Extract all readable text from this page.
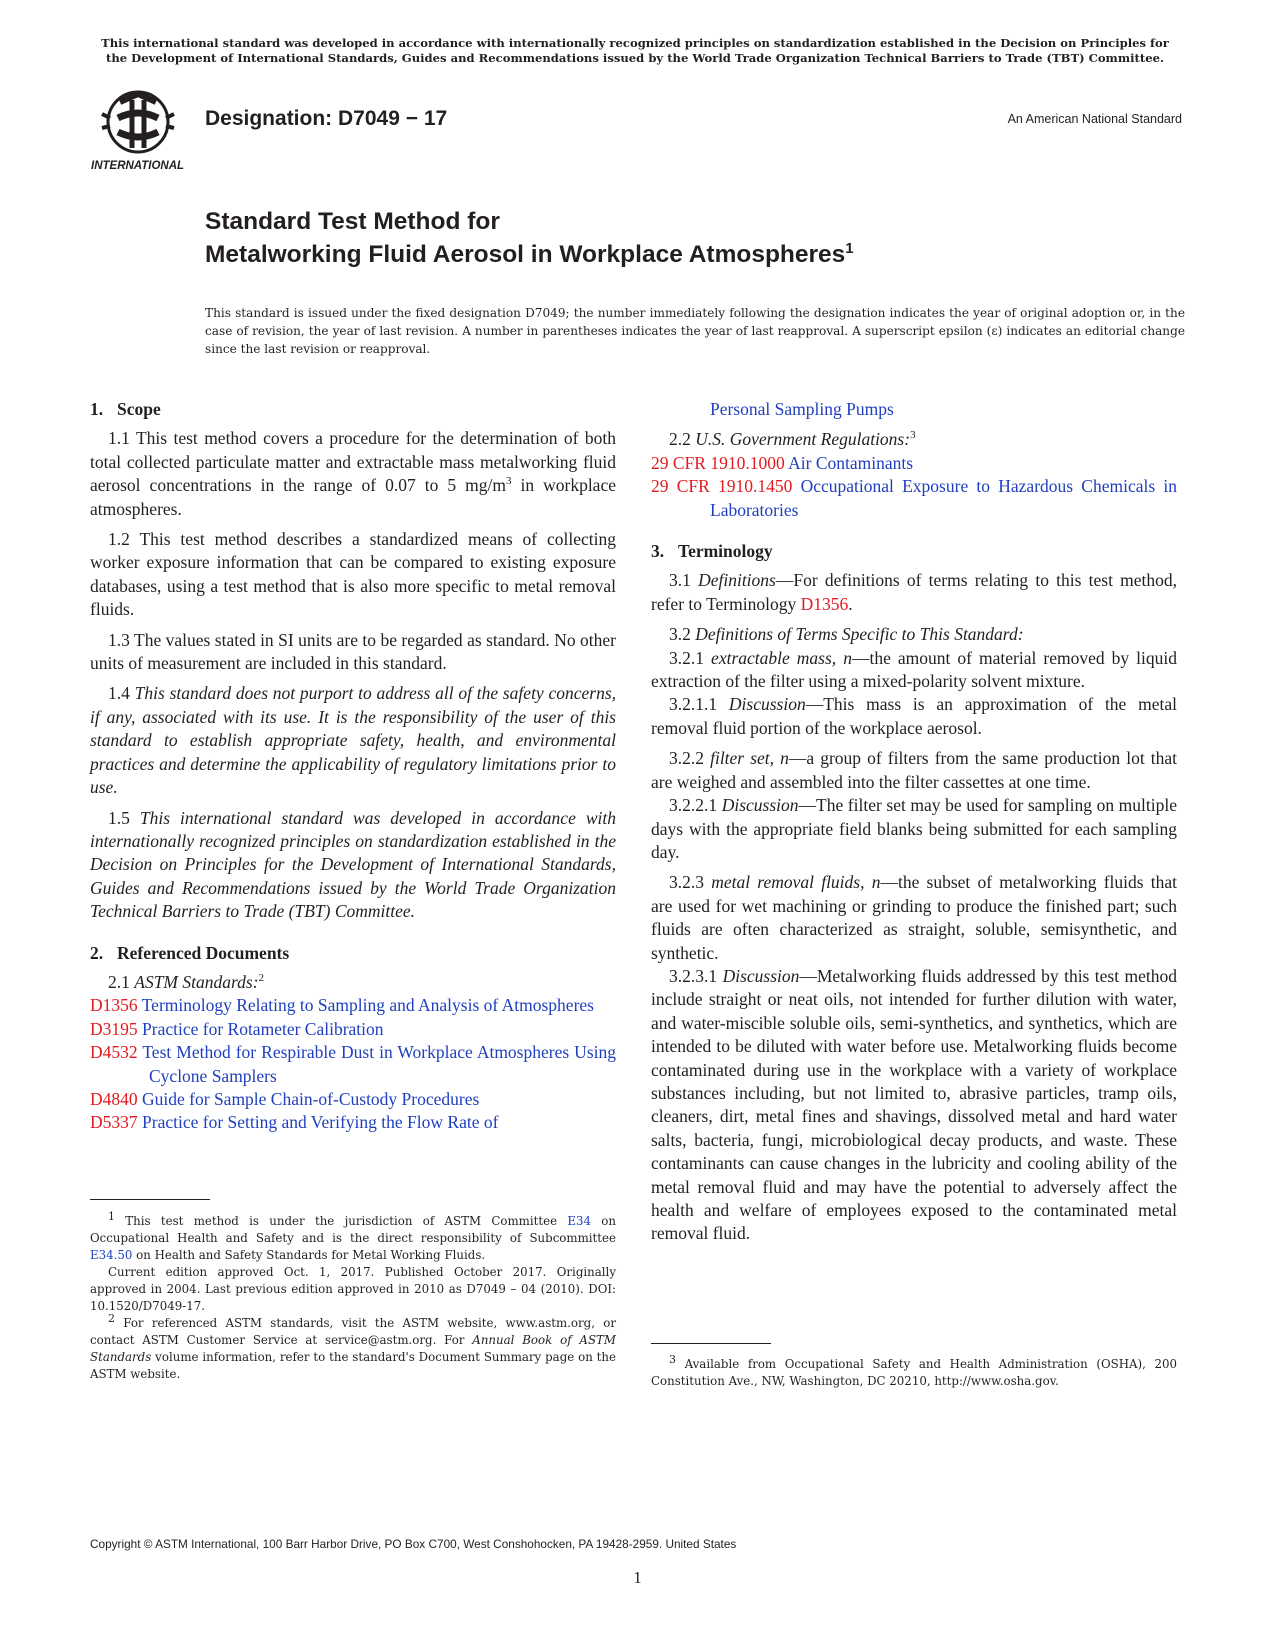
This international standard was developed in accordance with internationally recognized principles on standardization established in the Decision on Principles for the Development of International Standards, Guides and Recommendations issued by the World Trade Organization Technical Barriers to Trade (TBT) Committee.
INTERNATIONAL
Designation: D7049 − 17	An American National Standard
Standard Test Method for
Metalworking Fluid Aerosol in Workplace Atmospheres$^1$
This standard is issued under the fixed designation D7049; the number immediately following the designation indicates the year of original adoption or, in the case of revision, the year of last revision. A number in parentheses indicates the year of last reapproval. A superscript epsilon (ε) indicates an editorial change since the last revision or reapproval.
1. Scope

1.1 This test method covers a procedure for the determination of both total collected particulate matter and extractable mass metalworking fluid aerosol concentrations in the range of 0.07 to 5 $mg/m^3$ in workplace atmospheres.

1.2 This test method describes a standardized means of collecting worker exposure information that can be compared to existing exposure databases, using a test method that is also more specific to metal removal fluids.

1.3 The values stated in SI units are to be regarded as standard. No other units of measurement are included in this standard.

1.4 This standard does not purport to address all of the safety concerns, if any, associated with its use. It is the responsibility of the user of this standard to establish appropriate safety, health, and environmental practices and determine the applicability of regulatory limitations prior to use.

1.5 This international standard was developed in accordance with internationally recognized principles on standardization established in the Decision on Principles for the Development of International Standards, Guides and Recommendations issued by the World Trade Organization Technical Barriers to Trade (TBT) Committee.

2. Referenced Documents

2.1 ASTM Standards:$^2$

D1356 Terminology Relating to Sampling and Analysis of Atmospheres
D3195 Practice for Rotameter Calibration
D4532 Test Method for Respirable Dust in Workplace Atmospheres Using Cyclone Samplers
D4840 Guide for Sample Chain-of-Custody Procedures
D5337 Practice for Setting and Verifying the Flow Rate of

$^1$ This test method is under the jurisdiction of ASTM Committee E34 on Occupational Health and Safety and is the direct responsibility of Subcommittee E34.50 on Health and Safety Standards for Metal Working Fluids.

Current edition approved Oct. 1, 2017. Published October 2017. Originally approved in 2004. Last previous edition approved in 2010 as D7049 – 04 (2010). DOI: 10.1520/D7049-17.

$^2$ For referenced ASTM standards, visit the ASTM website, www.astm.org, or contact ASTM Customer Service at service@astm.org. For Annual Book of ASTM Standards volume information, refer to the standard's Document Summary page on the ASTM website.

Personal Sampling Pumps

2.2 U.S. Government Regulations:$^3$

29 CFR 1910.1000 Air Contaminants
29 CFR 1910.1450 Occupational Exposure to Hazardous Chemicals in Laboratories
3. Terminology

3.1 Definitions—For definitions of terms relating to this test method, refer to Terminology D1356.

3.2 Definitions of Terms Specific to This Standard:

3.2.1 extractable mass, n—the amount of material removed by liquid extraction of the filter using a mixed-polarity solvent mixture.

3.2.1.1 Discussion—This mass is an approximation of the metal removal fluid portion of the workplace aerosol.

3.2.2 filter set, n—a group of filters from the same production lot that are weighed and assembled into the filter cassettes at one time.

3.2.2.1 Discussion—The filter set may be used for sampling on multiple days with the appropriate field blanks being submitted for each sampling day.

3.2.3 metal removal fluids, n—the subset of metalworking fluids that are used for wet machining or grinding to produce the finished part; such fluids are often characterized as straight, soluble, semisynthetic, and synthetic.

3.2.3.1 Discussion—Metalworking fluids addressed by this test method include straight or neat oils, not intended for further dilution with water, and water-miscible soluble oils, semi-synthetics, and synthetics, which are intended to be diluted with water before use. Metalworking fluids become contaminated during use in the workplace with a variety of workplace substances including, but not limited to, abrasive particles, tramp oils, cleaners, dirt, metal fines and shavings, dissolved metal and hard water salts, bacteria, fungi, microbiological decay products, and waste. These contaminants can cause changes in the lubricity and cooling ability of the metal removal fluid and may have the potential to adversely affect the health and welfare of employees exposed to the contaminated metal removal fluid.

$^3$ Available from Occupational Safety and Health Administration (OSHA), 200 Constitution Ave., NW, Washington, DC 20210, http://www.osha.gov.

Copyright © ASTM International, 100 Barr Harbor Drive, PO Box C700, West Conshohocken, PA 19428-2959. United States
1
